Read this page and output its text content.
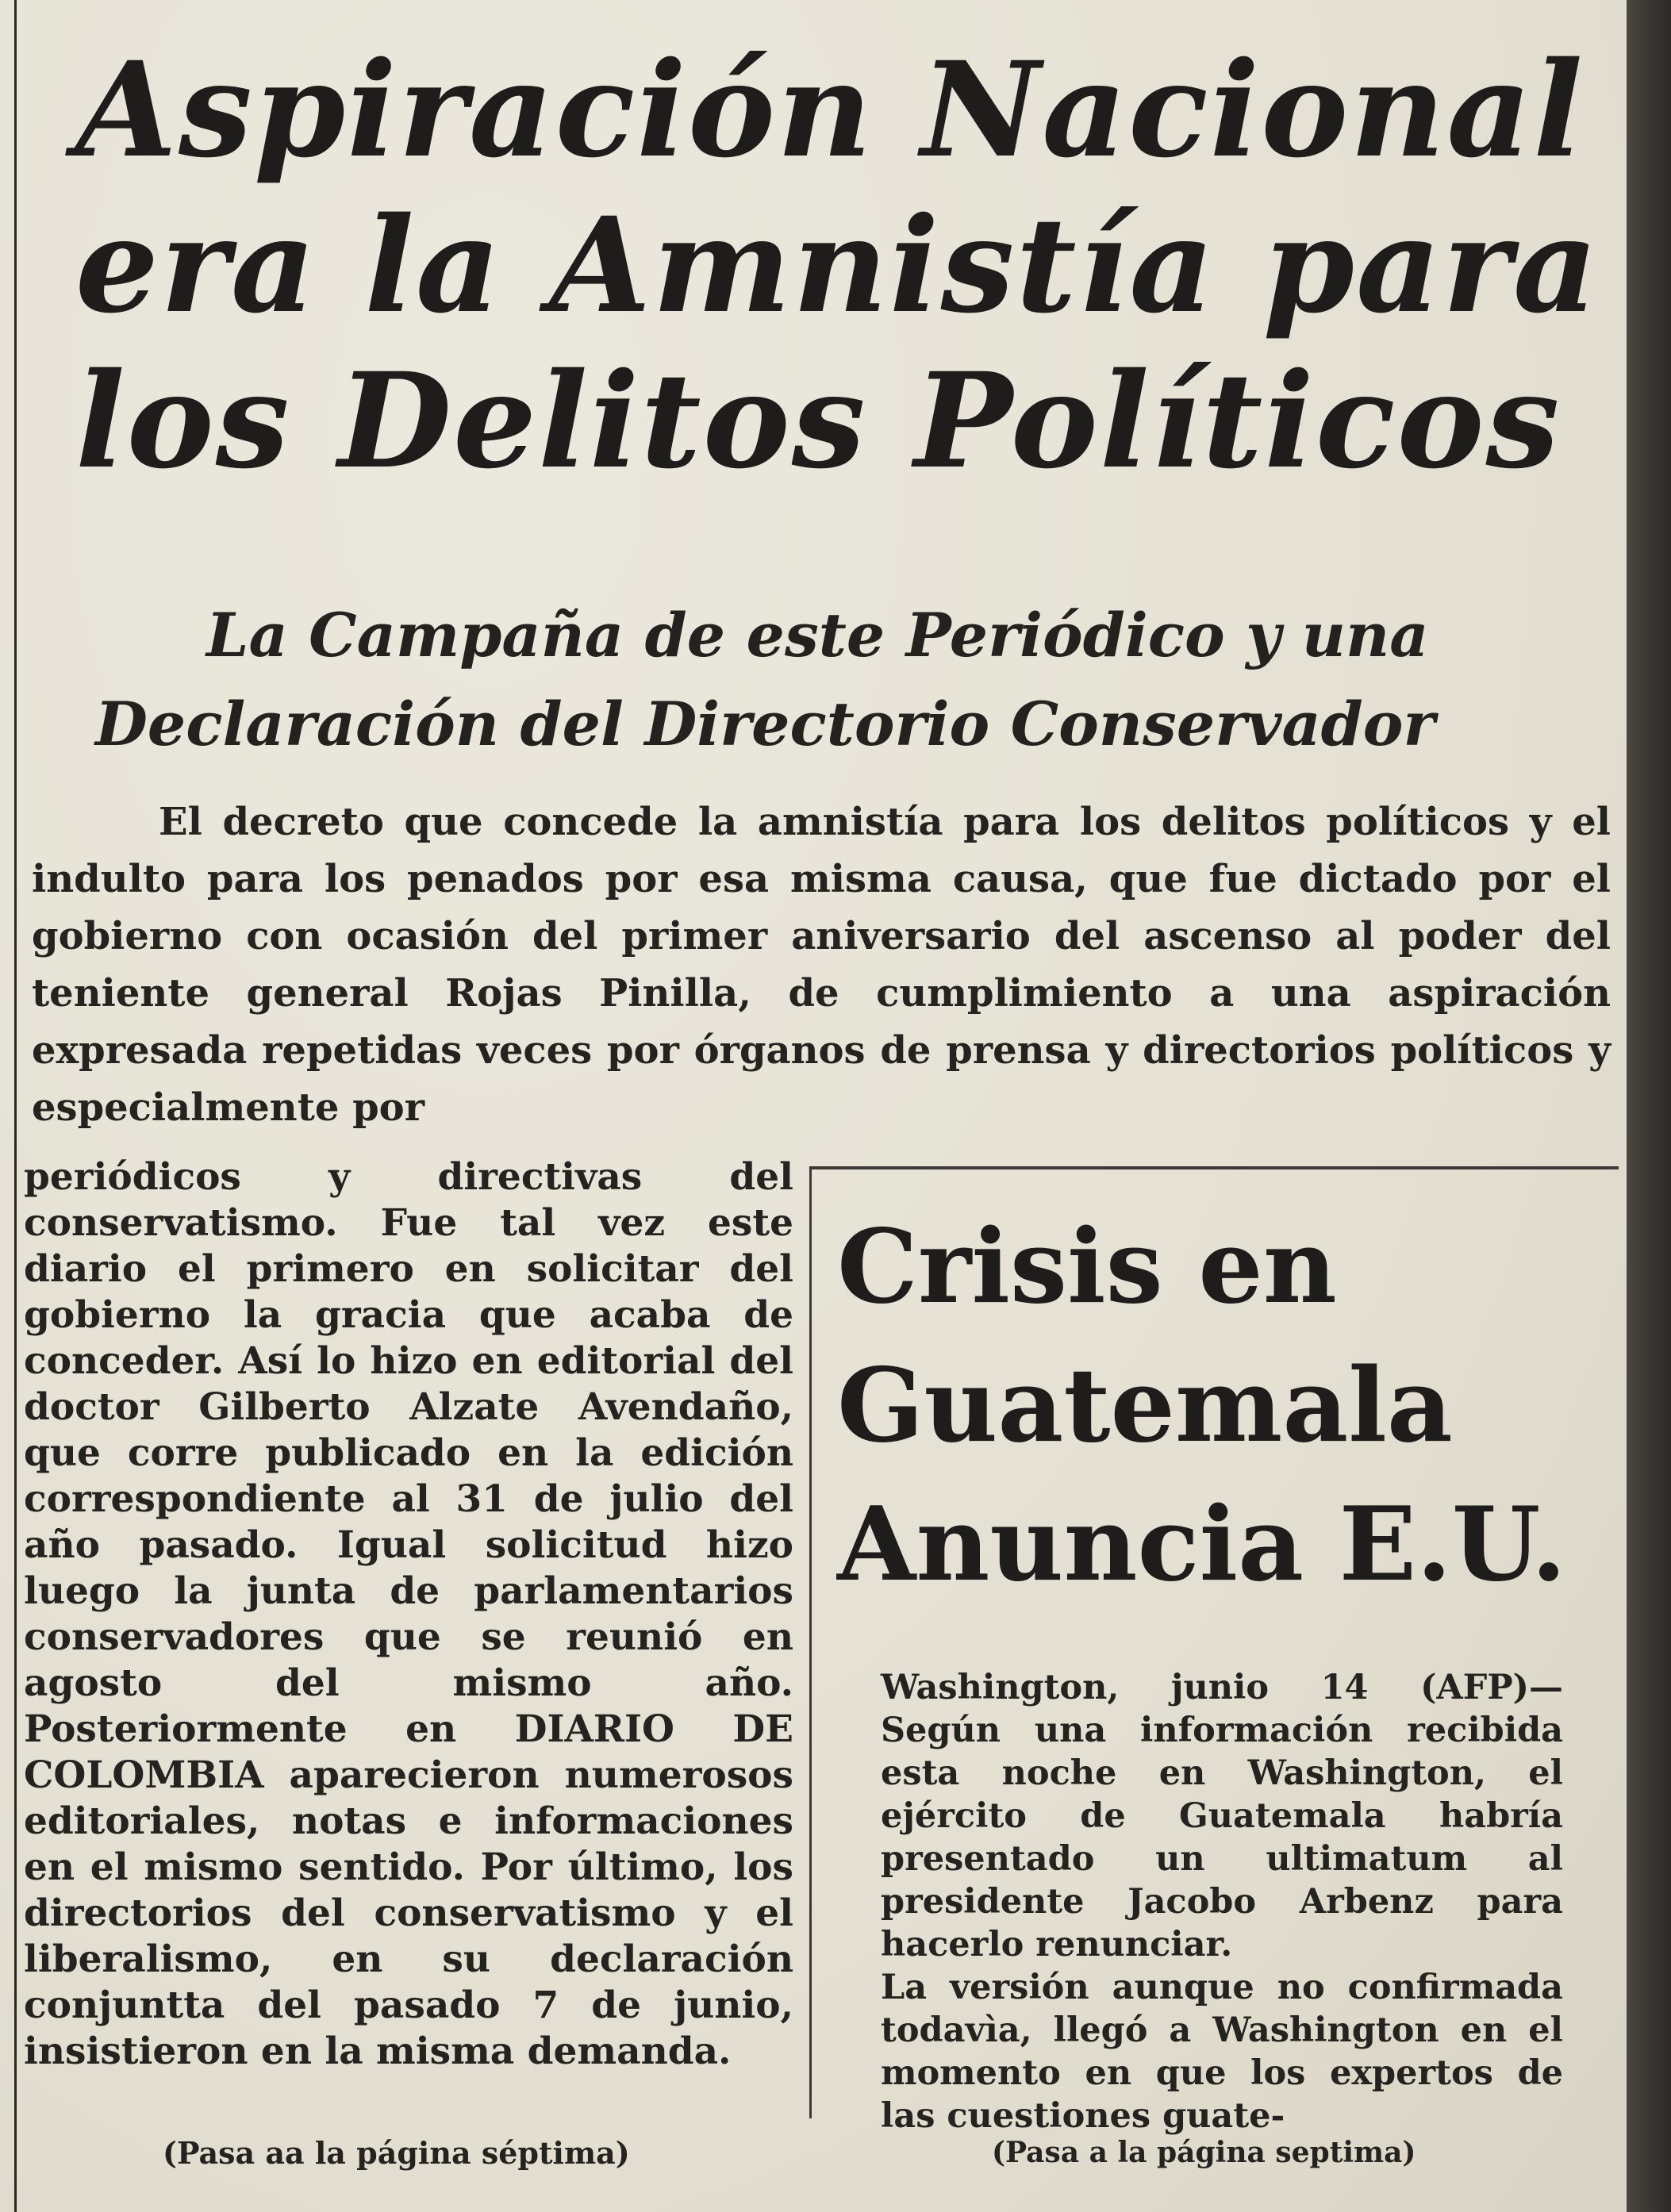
Aspiración Nacional era la Amnistía para los Delitos Políticos
La Campaña de este Periódico y una
Declaración del Directorio Conservador

El decreto que concede la amnistía para los delitos políticos y el indulto para los penados por esa misma causa, que fue dictado por el gobierno con ocasión del primer aniversario del ascenso al poder del teniente general Rojas Pinilla, de cumplimiento a una aspiración expresada repetidas veces por órganos de prensa y directorios políticos y especialmente por

periódicos y directivas del conservatismo. Fue tal vez este diario el primero en solicitar del gobierno la gracia que acaba de conceder. Así lo hizo en editorial del doctor Gilberto Alzate Avendaño, que corre publicado en la edición correspondiente al 31 de julio del año pasado. Igual solicitud hizo luego la junta de parlamentarios conservadores que se reunió en agosto del mismo año. Posteriormente en DIARIO DE COLOMBIA aparecieron numerosos editoriales, notas e informaciones en el mismo sentido. Por último, los directorios del conservatismo y el liberalismo, en su declaración conjuntta del pasado 7 de junio, insistieron en la misma demanda.

(Pasa aa la página séptima)

Crisis en Guatemala Anuncia E.U.

Washington, junio 14 (AFP)— Según una información recibida esta noche en Washington, el ejército de Guatemala habría presentado un ultimatum al presidente Jacobo Arbenz para hacerlo renunciar.

La versión aunque no confirmada todavìa, llegó a Washington en el momento en que los expertos de las cuestiones guate-

(Pasa a la página septima)
